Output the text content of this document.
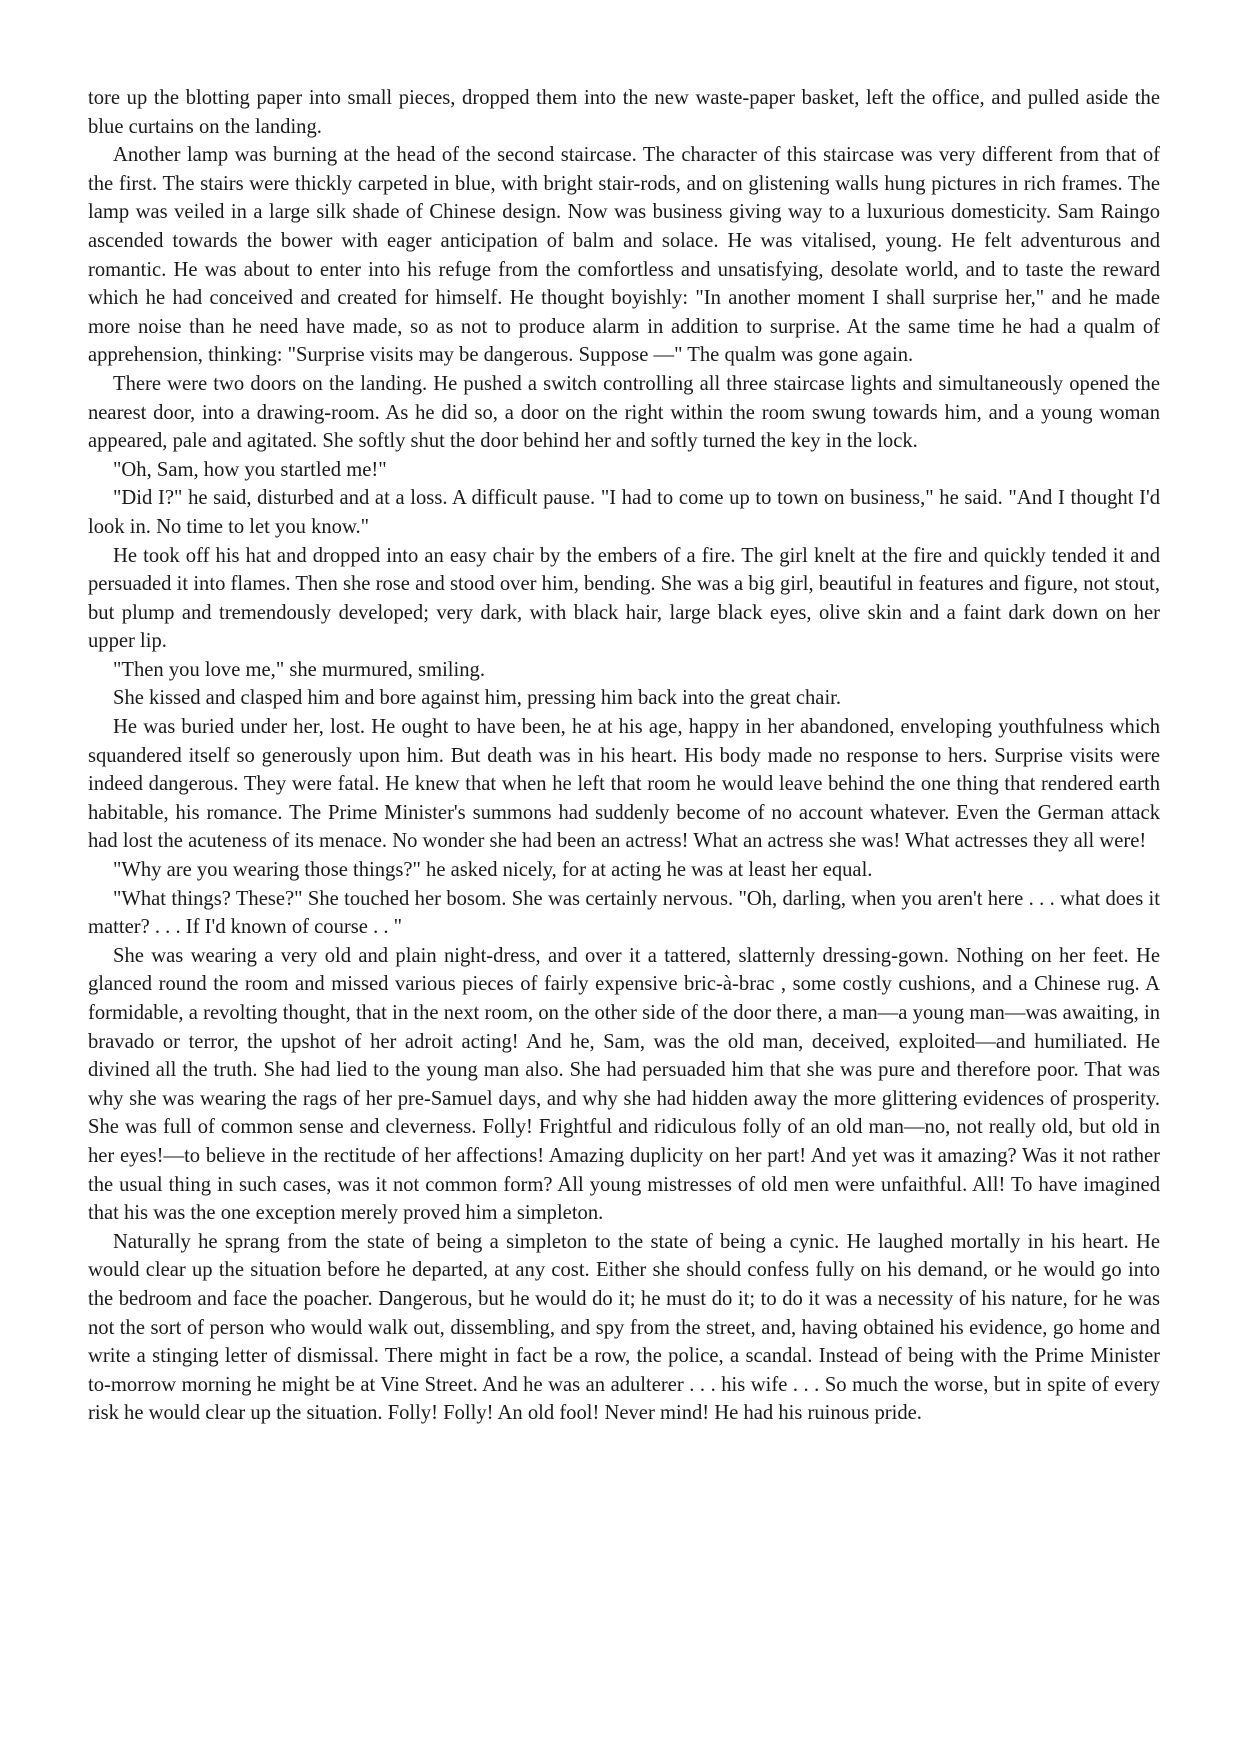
tore up the blotting paper into small pieces, dropped them into the new waste-paper basket, left the office, and pulled aside the blue curtains on the landing.

Another lamp was burning at the head of the second staircase. The character of this staircase was very different from that of the first. The stairs were thickly carpeted in blue, with bright stair-rods, and on glistening walls hung pictures in rich frames. The lamp was veiled in a large silk shade of Chinese design. Now was business giving way to a luxurious domesticity. Sam Raingo ascended towards the bower with eager anticipation of balm and solace. He was vitalised, young. He felt adventurous and romantic. He was about to enter into his refuge from the comfortless and unsatisfying, desolate world, and to taste the reward which he had conceived and created for himself. He thought boyishly: "In another moment I shall surprise her," and he made more noise than he need have made, so as not to produce alarm in addition to surprise. At the same time he had a qualm of apprehension, thinking: "Surprise visits may be dangerous. Suppose —" The qualm was gone again.

There were two doors on the landing. He pushed a switch controlling all three staircase lights and simultaneously opened the nearest door, into a drawing-room. As he did so, a door on the right within the room swung towards him, and a young woman appeared, pale and agitated. She softly shut the door behind her and softly turned the key in the lock.

"Oh, Sam, how you startled me!"

"Did I?" he said, disturbed and at a loss. A difficult pause. "I had to come up to town on business," he said. "And I thought I'd look in. No time to let you know."

He took off his hat and dropped into an easy chair by the embers of a fire. The girl knelt at the fire and quickly tended it and persuaded it into flames. Then she rose and stood over him, bending. She was a big girl, beautiful in features and figure, not stout, but plump and tremendously developed; very dark, with black hair, large black eyes, olive skin and a faint dark down on her upper lip.

"Then you love me," she murmured, smiling.

She kissed and clasped him and bore against him, pressing him back into the great chair.

He was buried under her, lost. He ought to have been, he at his age, happy in her abandoned, enveloping youthfulness which squandered itself so generously upon him. But death was in his heart. His body made no response to hers. Surprise visits were indeed dangerous. They were fatal. He knew that when he left that room he would leave behind the one thing that rendered earth habitable, his romance. The Prime Minister's summons had suddenly become of no account whatever. Even the German attack had lost the acuteness of its menace. No wonder she had been an actress! What an actress she was! What actresses they all were!

"Why are you wearing those things?" he asked nicely, for at acting he was at least her equal.

"What things? These?" She touched her bosom. She was certainly nervous. "Oh, darling, when you aren't here . . . what does it matter? . . . If I'd known of course . . "

She was wearing a very old and plain night-dress, and over it a tattered, slatternly dressing-gown. Nothing on her feet. He glanced round the room and missed various pieces of fairly expensive bric-à-brac , some costly cushions, and a Chinese rug. A formidable, a revolting thought, that in the next room, on the other side of the door there, a man—a young man—was awaiting, in bravado or terror, the upshot of her adroit acting! And he, Sam, was the old man, deceived, exploited—and humiliated. He divined all the truth. She had lied to the young man also. She had persuaded him that she was pure and therefore poor. That was why she was wearing the rags of her pre-Samuel days, and why she had hidden away the more glittering evidences of prosperity. She was full of common sense and cleverness. Folly! Frightful and ridiculous folly of an old man—no, not really old, but old in her eyes!—to believe in the rectitude of her affections! Amazing duplicity on her part! And yet was it amazing? Was it not rather the usual thing in such cases, was it not common form? All young mistresses of old men were unfaithful. All! To have imagined that his was the one exception merely proved him a simpleton.

Naturally he sprang from the state of being a simpleton to the state of being a cynic. He laughed mortally in his heart. He would clear up the situation before he departed, at any cost. Either she should confess fully on his demand, or he would go into the bedroom and face the poacher. Dangerous, but he would do it; he must do it; to do it was a necessity of his nature, for he was not the sort of person who would walk out, dissembling, and spy from the street, and, having obtained his evidence, go home and write a stinging letter of dismissal. There might in fact be a row, the police, a scandal. Instead of being with the Prime Minister to-morrow morning he might be at Vine Street. And he was an adulterer . . . his wife . . . So much the worse, but in spite of every risk he would clear up the situation. Folly! Folly! An old fool! Never mind! He had his ruinous pride.
